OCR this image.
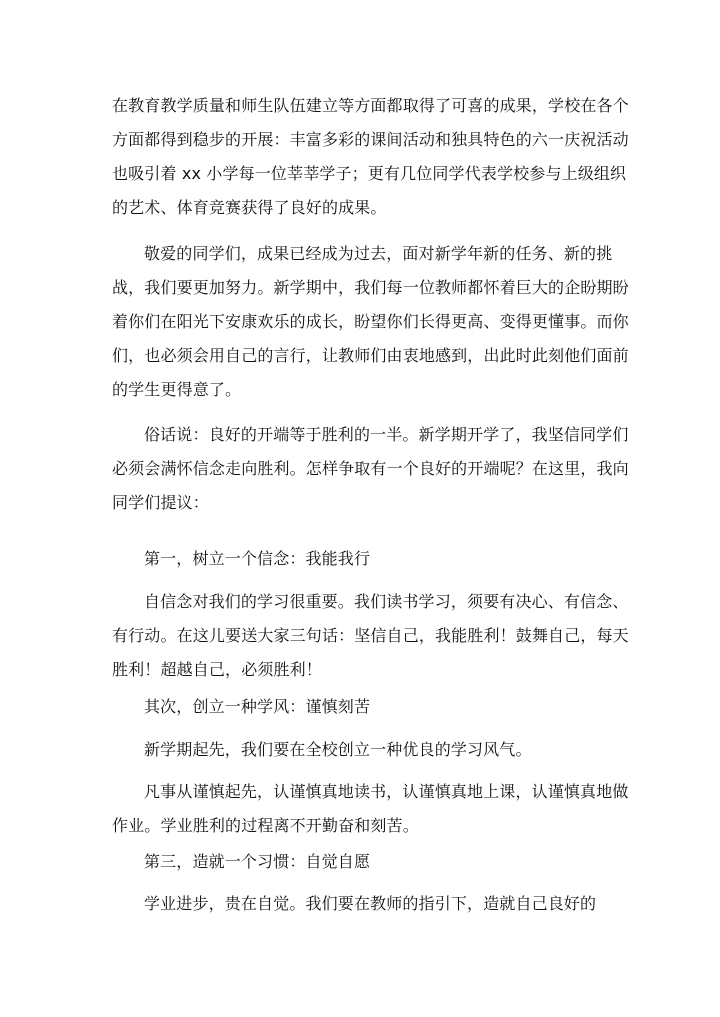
在教育教学质量和师生队伍建立等方面都取得了可喜的成果，学校在各个方面都得到稳步的开展：丰富多彩的课间活动和独具特色的六一庆祝活动也吸引着 xx 小学每一位莘莘学子；更有几位同学代表学校参与上级组织的艺术、体育竞赛获得了良好的成果。

敬爱的同学们，成果已经成为过去，面对新学年新的任务、新的挑战，我们要更加努力。新学期中，我们每一位教师都怀着巨大的企盼期盼着你们在阳光下安康欢乐的成长，盼望你们长得更高、变得更懂事。而你们，也必须会用自己的言行，让教师们由衷地感到，出此时此刻他们面前的学生更得意了。

俗话说：良好的开端等于胜利的一半。新学期开学了，我坚信同学们必须会满怀信念走向胜利。怎样争取有一个良好的开端呢？在这里，我向同学们提议：

第一，树立一个信念：我能我行

自信念对我们的学习很重要。我们读书学习，须要有决心、有信念、有行动。在这儿要送大家三句话：坚信自己，我能胜利！鼓舞自己，每天胜利！超越自己，必须胜利！

其次，创立一种学风：谨慎刻苦

新学期起先，我们要在全校创立一种优良的学习风气。

凡事从谨慎起先，认谨慎真地读书，认谨慎真地上课，认谨慎真地做作业。学业胜利的过程离不开勤奋和刻苦。

第三，造就一个习惯：自觉自愿

学业进步，贵在自觉。我们要在教师的指引下，造就自己良好的
